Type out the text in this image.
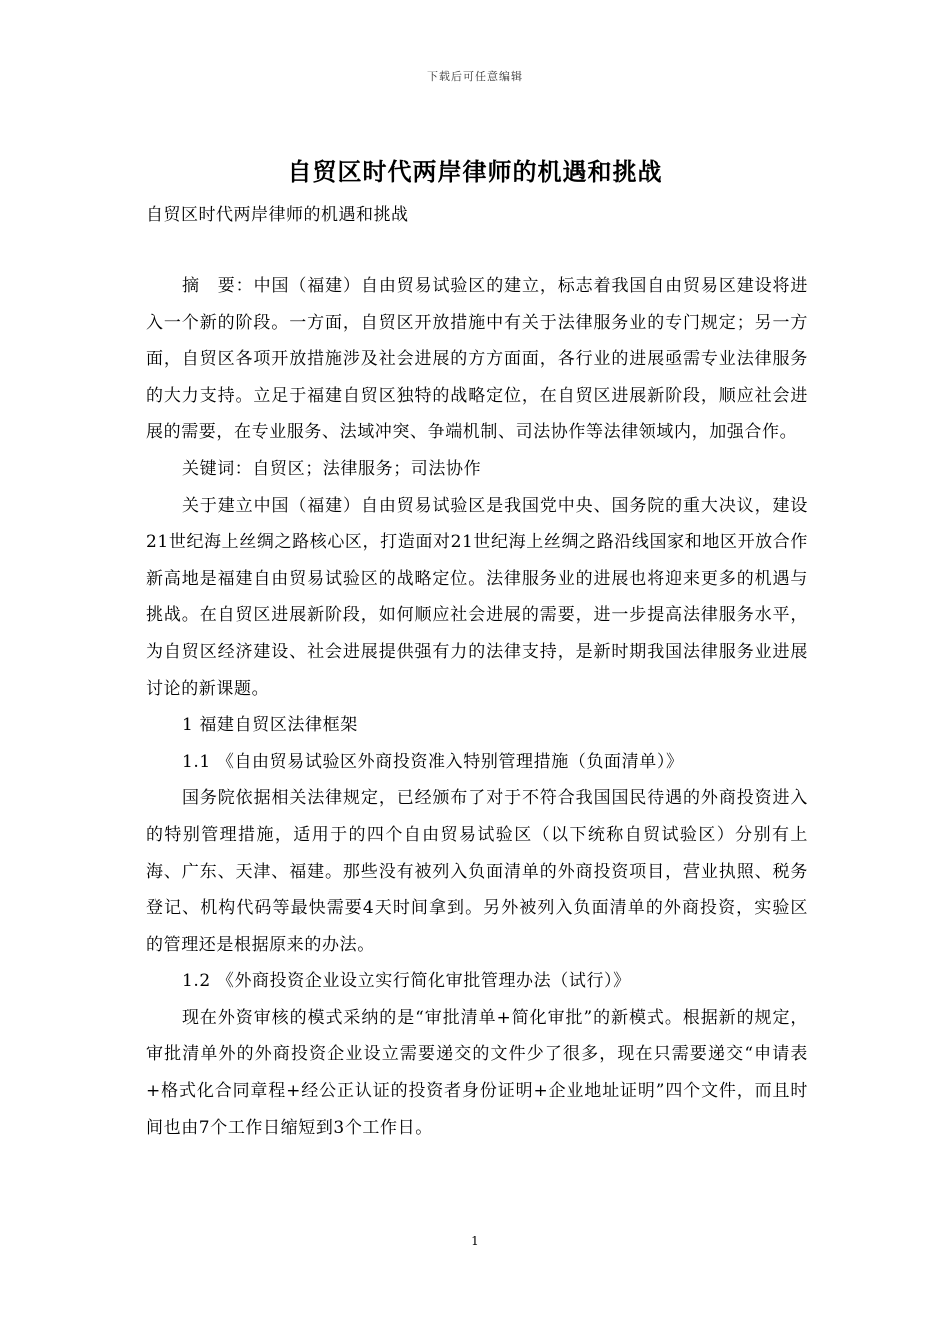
下载后可任意编辑
自贸区时代两岸律师的机遇和挑战
自贸区时代两岸律师的机遇和挑战

摘　要：中国（福建）自由贸易试验区的建立，标志着我国自由贸易区建设将进入一个新的阶段。一方面，自贸区开放措施中有关于法律服务业的专门规定；另一方面，自贸区各项开放措施涉及社会进展的方方面面，各行业的进展亟需专业法律服务的大力支持。立足于福建自贸区独特的战略定位，在自贸区进展新阶段，顺应社会进展的需要，在专业服务、法域冲突、争端机制、司法协作等法律领域内，加强合作。

关键词：自贸区；法律服务；司法协作

关于建立中国（福建）自由贸易试验区是我国党中央、国务院的重大决议，建设21世纪海上丝绸之路核心区，打造面对21世纪海上丝绸之路沿线国家和地区开放合作新高地是福建自由贸易试验区的战略定位。法律服务业的进展也将迎来更多的机遇与挑战。在自贸区进展新阶段，如何顺应社会进展的需要，进一步提高法律服务水平，为自贸区经济建设、社会进展提供强有力的法律支持，是新时期我国法律服务业进展讨论的新课题。

1 福建自贸区法律框架

1.1 《自由贸易试验区外商投资准入特别管理措施（负面清单）》

国务院依据相关法律规定，已经颁布了对于不符合我国国民待遇的外商投资进入的特别管理措施，适用于的四个自由贸易试验区（以下统称自贸试验区）分别有上海、广东、天津、福建。那些没有被列入负面清单的外商投资项目，营业执照、税务登记、机构代码等最快需要4天时间拿到。另外被列入负面清单的外商投资，实验区的管理还是根据原来的办法。

1.2 《外商投资企业设立实行简化审批管理办法（试行）》

现在外资审核的模式采纳的是“审批清单+简化审批”的新模式。根据新的规定，审批清单外的外商投资企业设立需要递交的文件少了很多，现在只需要递交“申请表+格式化合同章程+经公正认证的投资者身份证明+企业地址证明”四个文件，而且时间也由7个工作日缩短到3个工作日。

1
